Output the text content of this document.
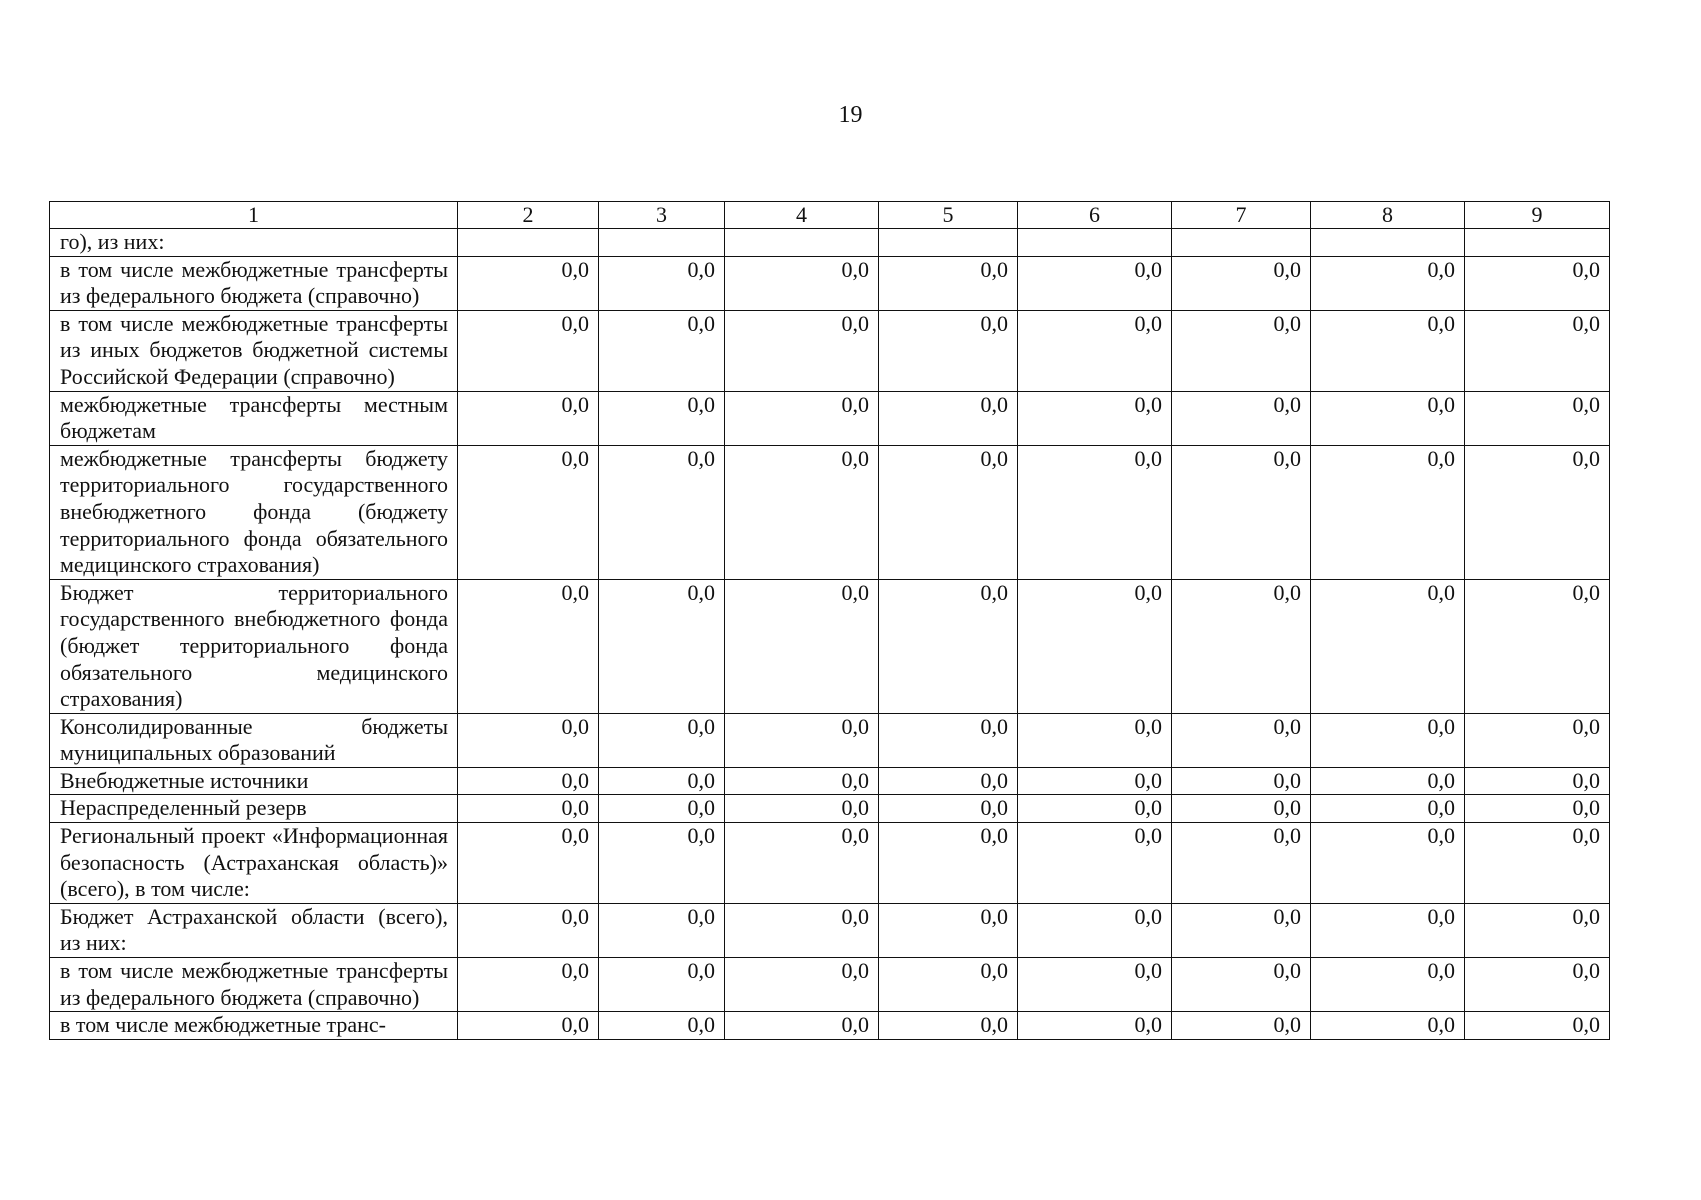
19
1	2	3	4	5	6	7	8	9
го), из них:								
в том числе межбюджетные трансферты из федерального бюджета (справочно)	0,0	0,0	0,0	0,0	0,0	0,0	0,0	0,0
в том числе межбюджетные трансферты из иных бюджетов бюджетной системы Российской Федерации (справочно)	0,0	0,0	0,0	0,0	0,0	0,0	0,0	0,0
межбюджетные трансферты местным бюджетам	0,0	0,0	0,0	0,0	0,0	0,0	0,0	0,0
межбюджетные трансферты бюджету территориального государственного внебюджетного фонда (бюджету территориального фонда обязательного медицинского страхования)	0,0	0,0	0,0	0,0	0,0	0,0	0,0	0,0
Бюджет территориального государственного внебюджетного фонда (бюджет территориального фонда обязательного медицинского страхования)	0,0	0,0	0,0	0,0	0,0	0,0	0,0	0,0
Консолидированные бюджеты муниципальных образований	0,0	0,0	0,0	0,0	0,0	0,0	0,0	0,0
Внебюджетные источники	0,0	0,0	0,0	0,0	0,0	0,0	0,0	0,0
Нераспределенный резерв	0,0	0,0	0,0	0,0	0,0	0,0	0,0	0,0
Региональный проект «Информационная безопасность (Астраханская область)» (всего), в том числе:	0,0	0,0	0,0	0,0	0,0	0,0	0,0	0,0
Бюджет Астраханской области (всего), из них:	0,0	0,0	0,0	0,0	0,0	0,0	0,0	0,0
в том числе межбюджетные трансферты из федерального бюджета (справочно)	0,0	0,0	0,0	0,0	0,0	0,0	0,0	0,0
в том числе межбюджетные транс-	0,0	0,0	0,0	0,0	0,0	0,0	0,0	0,0
